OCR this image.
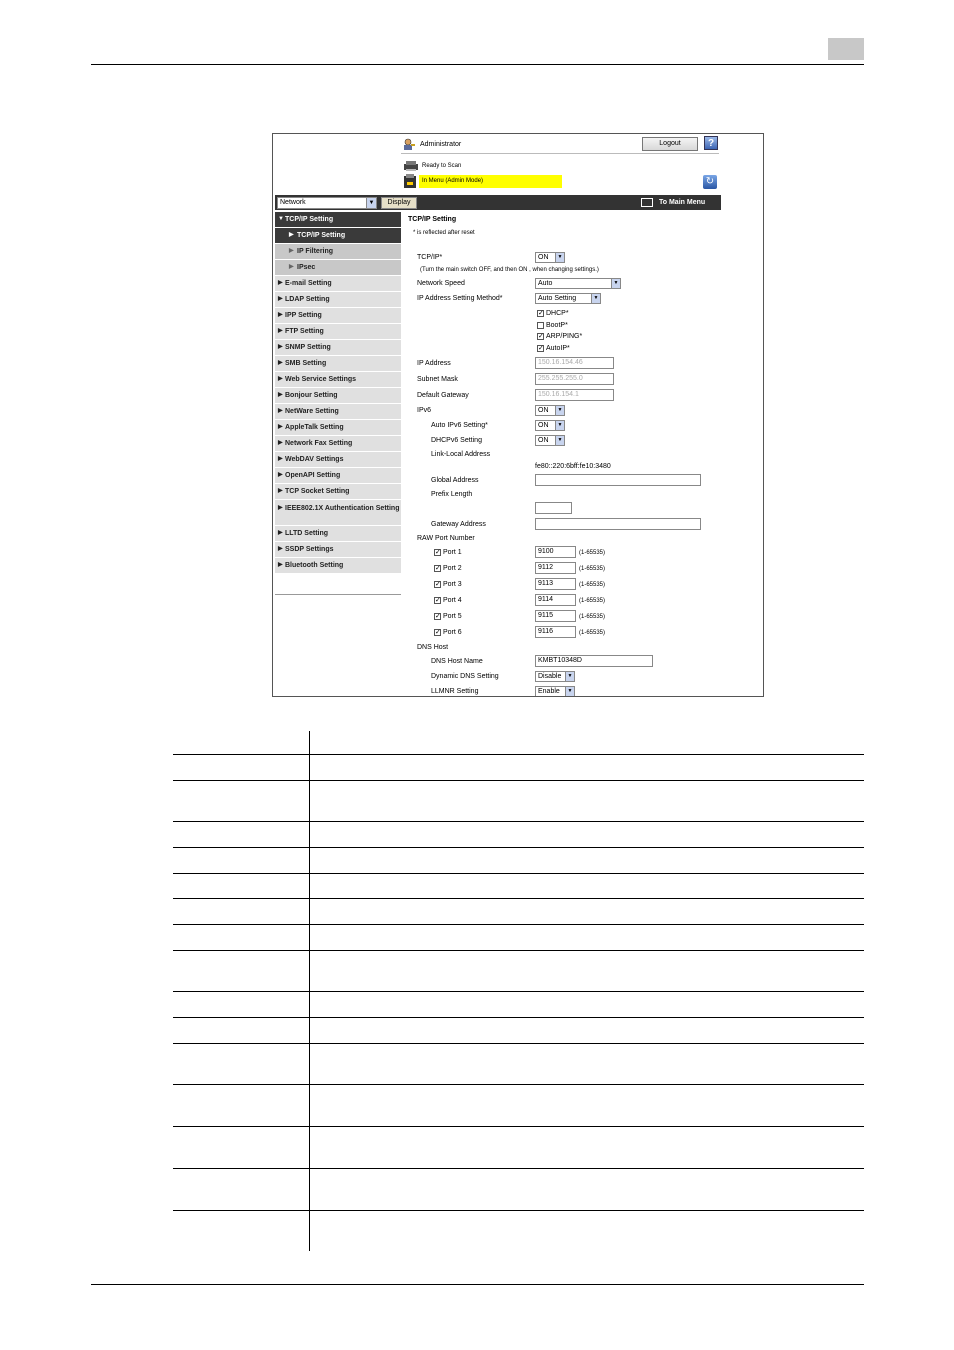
Administrator	Logout	?
Ready to Scan
In Menu (Admin Mode)	↻
Network	▼	Display	To Main Menu
▼ TCP/IP Setting
▶ TCP/IP Setting
▶ IP Filtering
▶ IPsec
▶ E-mail Setting
▶ LDAP Setting
▶ IPP Setting
▶ FTP Setting
▶ SNMP Setting
▶ SMB Setting
▶ Web Service Settings
▶ Bonjour Setting
▶ NetWare Setting
▶ AppleTalk Setting
▶ Network Fax Setting
▶ WebDAV Settings
▶ OpenAPI Setting
▶ TCP Socket Setting
▶ IEEE802.1X Authentication Setting
▶ LLTD Setting
▶ SSDP Settings
▶ Bluetooth Setting
TCP/IP Setting
* is reflected after reset
TCP/IP*	ON	▼
(Turn the main switch OFF, and then ON , when changing settings.)
Network Speed	Auto	▼
IP Address Setting Method*	Auto Setting	▼
✓ DHCP*
BootP*
✓ ARP/PING*
✓ AutoIP*
IP Address	150.16.154.46
Subnet Mask	255.255.255.0
Default Gateway	150.16.154.1
IPv6	ON	▼
Auto IPv6 Setting*	ON	▼
DHCPv6 Setting	ON	▼
Link-Local Address
fe80::220:6bff:fe10:3480
Global Address
Prefix Length
Gateway Address
RAW Port Number
✓ Port 1	9100	(1-65535)
✓ Port 2	9112	(1-65535)
✓ Port 3	9113	(1-65535)
✓ Port 4	9114	(1-65535)
✓ Port 5	9115	(1-65535)
✓ Port 6	9116	(1-65535)
DNS Host
DNS Host Name	KMBT10348D
Dynamic DNS Setting	Disable	▼
LLMNR Setting	Enable	▼
